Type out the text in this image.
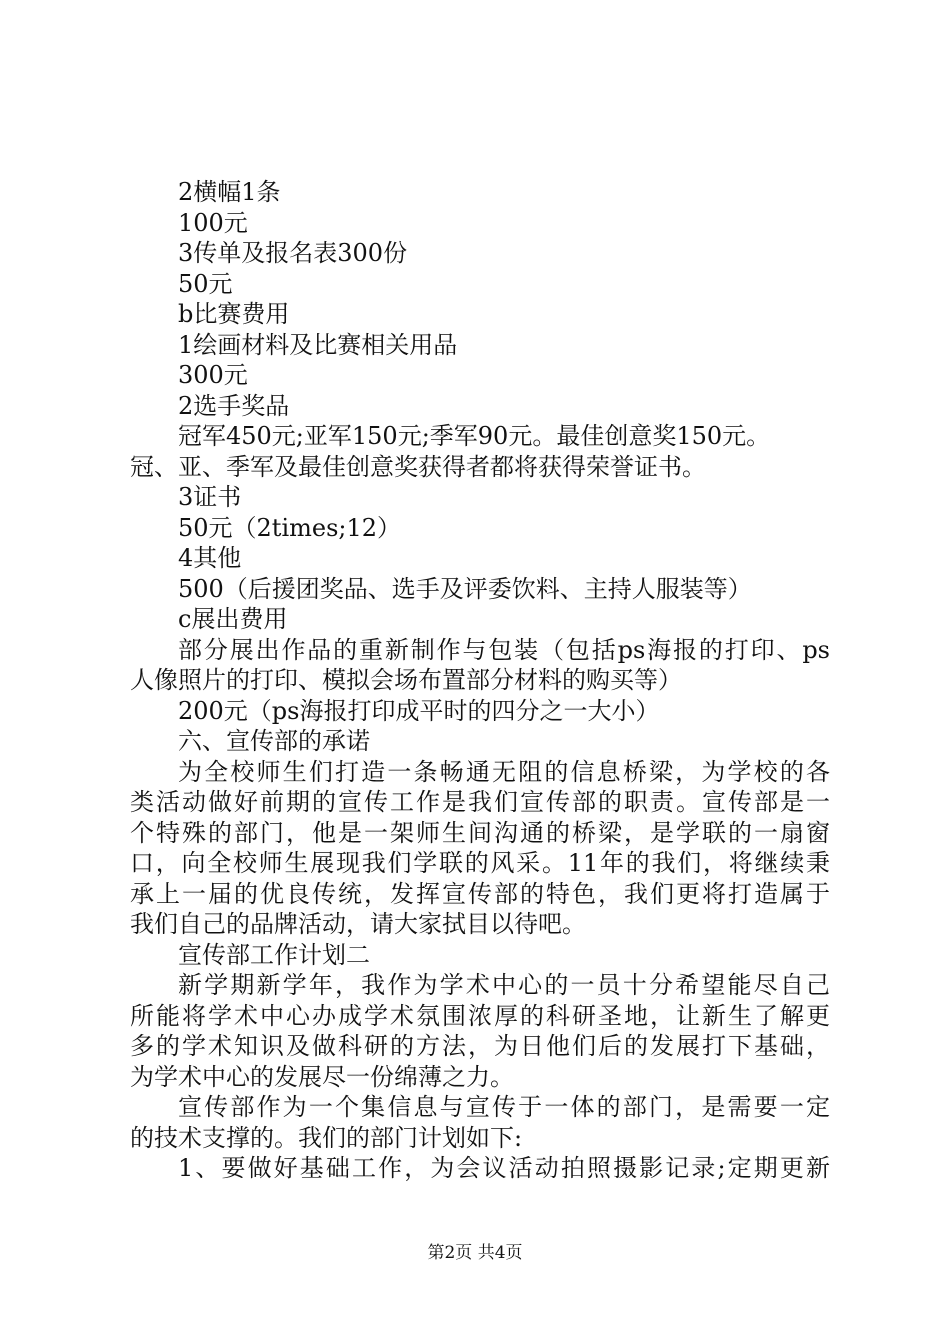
2横幅1条
100元
3传单及报名表300份
50元
b比赛费用
1绘画材料及比赛相关用品
300元
2选手奖品
冠军450元;亚军150元;季军90元。最佳创意奖150元。
冠、亚、季军及最佳创意奖获得者都将获得荣誉证书。
3证书
50元（2times;12）
4其他
500（后援团奖品、选手及评委饮料、主持人服装等）
c展出费用
部分展出作品的重新制作与包装（包括ps海报的打印、ps
人像照片的打印、模拟会场布置部分材料的购买等）
200元（ps海报打印成平时的四分之一大小）
六、宣传部的承诺
为全校师生们打造一条畅通无阻的信息桥梁，为学校的各
类活动做好前期的宣传工作是我们宣传部的职责。宣传部是一
个特殊的部门，他是一架师生间沟通的桥梁，是学联的一扇窗
口，向全校师生展现我们学联的风采。11年的我们，将继续秉
承上一届的优良传统，发挥宣传部的特色，我们更将打造属于
我们自己的品牌活动，请大家拭目以待吧。
宣传部工作计划二
新学期新学年，我作为学术中心的一员十分希望能尽自己
所能将学术中心办成学术氛围浓厚的科研圣地，让新生了解更
多的学术知识及做科研的方法，为日他们后的发展打下基础，
为学术中心的发展尽一份绵薄之力。
宣传部作为一个集信息与宣传于一体的部门，是需要一定
的技术支撑的。我们的部门计划如下:
1、要做好基础工作，为会议活动拍照摄影记录;定期更新
第2页 共4页
